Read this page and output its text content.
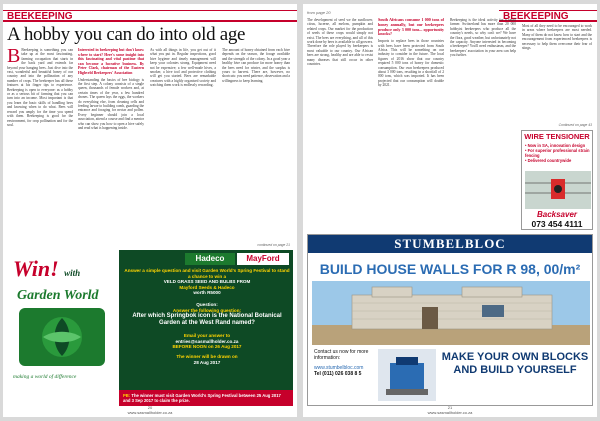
BEEKEEPING
A hobby you can do into old age
B Beekeeping is something you can take up at the most fascinating, farming occupation that starts in the back yard and extends far beyond your hanging bees. Just dive into the vast, wonderful and beautiful honey of our country and into the pollination of any number of crops. The beekeeper has all these features at his finger tips to experience. Beekeeping is open to everyone: as a hobby or as a serious bit of farming that you can turn into an income. Most important is that you learn the basic skills of handling bees and knowing when to do what. Bees will reward you amply for the time you spend with them. Beekeeping is good for the environment, for crop pollination and for the soul.

Interested in beekeeping but don't know where to start? Here's some insight into this fascinating and vital pastime that can become a lucrative business. By Peter Clark, chairman of the Eastern Highveld Beekeepers' Association

Understanding the basics of bee biology is the first step. A colony consists of a single queen, thousands of female workers and, at certain times of the year, a few hundred drones. The queen lays the eggs, the workers do everything else, from cleaning cells and feeding larvae to building comb, guarding the entrance and foraging for nectar and pollen. Every beginner should join a local association, attend a course and find a mentor who can show you how to open a hive safely and read what is happening inside.

As with all things in life, you get out of it what you put in. Regular inspections, good hive hygiene and timely management will keep your colonies strong. Equipment need not be expensive; a few well-made hives, a smoker, a hive tool and protective clothing will get you started. Bees are remarkable creatures with a highly organised society and watching them work is endlessly rewarding.

The amount of honey obtained from each hive depends on the season, the forage available and the strength of the colony. In a good year a healthy hive can produce far more honey than the bees need for winter, and the surplus is yours to harvest. There are, however, no shortcuts: you need patience, observation and a willingness to keep learning.

continued on page 21
Win! with
Garden World
making a world of difference
Hadeco	MayFord
Answer a simple question and visit Garden World's Spring Festival to stand a chance to win a
VELD GRASS SEED AND BULBS FROM
Mayford Seeds & Hadeco
worth R5000
Question:
Answer the following question:
After which Springbok icon is the National Botanical Garden at the West Rand named?
Email your answer to
entries@sasmallholder.co.za
BEFORE NOON on 26 Aug 2017
The winner will be drawn on
28 Aug 2017
PB: The winner must visit Garden World's Spring Festival between 25 Aug 2017 and 3 Sep 2017 to claim the prize.
20
www.sasmallholder.co.za
from page 20	BEEKEEPING

The development of seed we the sunflower, citrus, lucerne, all melons, pumpkin and related crops. Our market for the production of seeds of these crops would simply not exist. The bees are everything, and all of this work done by bees is available to all growers. Therefore the role played by beekeepers is most valuable to our country. Our African bees are strong, healthy and are able to resist many diseases that still occur in other countries.

South Africans consume 1 000 tons of honey annually, but our beekeepers produce only 3 000 tons... opportunity knocks?

Imports to replace bees in those countries with bees have been protected from South Africa. This will be something on our industry to consider in the future. The local figures of 2016 show that our country required 5 000 tons of honey for domestic consumption. Our own beekeepers produced about 3 000 tons, resulting in a shortfall of 2 000 tons, which was imported. It has been projected that our consumption will double by 2021.

Beekeeping is the ideal activity for a small farmer. Switzerland has more than 20 000 hobbyist beekeepers who produce all the country's needs, so why can't we? We have the flora, good weather, but unfortunately not the capacity. Anyone interested in becoming a beekeeper? You'll need enthusiasm, and the beekeepers' association in your area can help you further.

Most of all they need to be encouraged to work in areas where beekeepers are most needed. Many of them do not know how to start and the encouragement from experienced beekeepers is necessary to help them overcome their fear of stings.

Continued on page 43
WIRE TENSIONER
• Now in SA, innovation design
• For superior professional strain fencing
• Delivered countrywide
Backsaver
073 454 4111
STUMBELBLOC
BUILD HOUSE WALLS FOR R 98, 00/m²
Contact us now for more information:
www.stumbelbloc.com
Tel (011) 026 038 8 5
MAKE YOUR OWN BLOCKS AND BUILD YOURSELF
21
www.sasmallholder.co.za
